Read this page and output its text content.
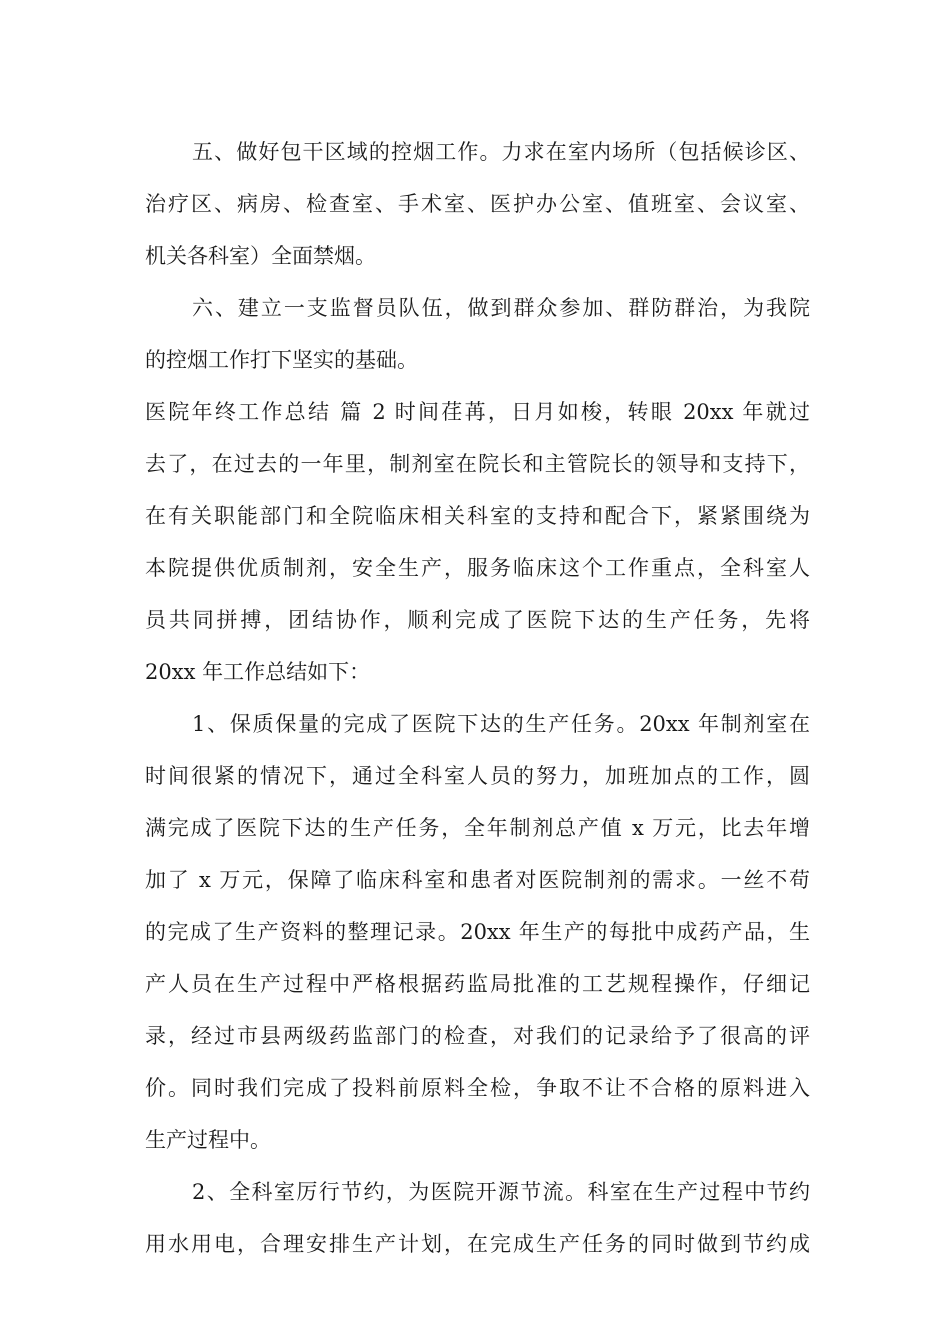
五、做好包干区域的控烟工作。力求在室内场所（包括候诊区、
治疗区、病房、检查室、手术室、医护办公室、值班室、会议室、
机关各科室）全面禁烟。
六、建立一支监督员队伍，做到群众参加、群防群治，为我院
的控烟工作打下坚实的基础。
医院年终工作总结 篇 2 时间荏苒，日月如梭，转眼 20xx 年就过
去了，在过去的一年里，制剂室在院长和主管院长的领导和支持下，
在有关职能部门和全院临床相关科室的支持和配合下，紧紧围绕为
本院提供优质制剂，安全生产，服务临床这个工作重点，全科室人
员共同拼搏，团结协作，顺利完成了医院下达的生产任务，先将
20xx 年工作总结如下：
1、保质保量的完成了医院下达的生产任务。20xx 年制剂室在
时间很紧的情况下，通过全科室人员的努力，加班加点的工作，圆
满完成了医院下达的生产任务，全年制剂总产值 x 万元，比去年增
加了 x 万元，保障了临床科室和患者对医院制剂的需求。一丝不苟
的完成了生产资料的整理记录。20xx 年生产的每批中成药产品，生
产人员在生产过程中严格根据药监局批准的工艺规程操作，仔细记
录，经过市县两级药监部门的检查，对我们的记录给予了很高的评
价。同时我们完成了投料前原料全检，争取不让不合格的原料进入
生产过程中。
2、全科室厉行节约，为医院开源节流。科室在生产过程中节约
用水用电，合理安排生产计划，在完成生产任务的同时做到节约成
